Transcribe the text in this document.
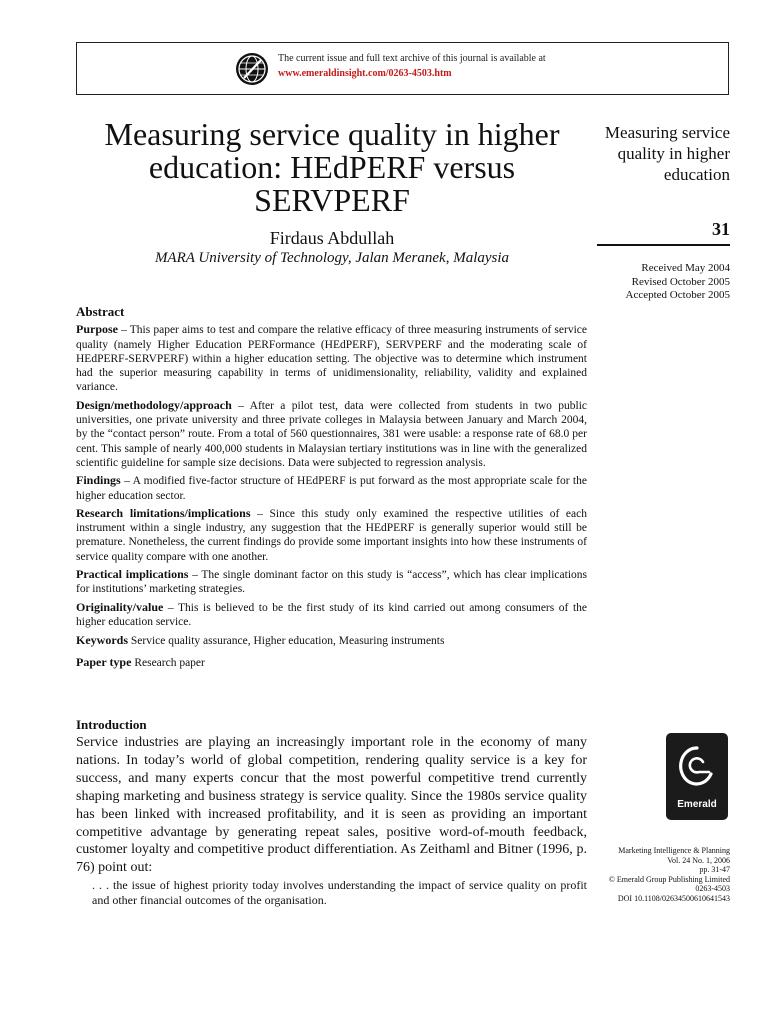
The current issue and full text archive of this journal is available at
www.emeraldinsight.com/0263-4503.htm
Measuring service quality in higher education: HEdPERF versus SERVPERF
Firdaus Abdullah
MARA University of Technology, Jalan Meranek, Malaysia
Measuring service quality in higher education
31
Received May 2004
Revised October 2005
Accepted October 2005
Abstract

Purpose – This paper aims to test and compare the relative efficacy of three measuring instruments of service quality (namely Higher Education PERFormance (HEdPERF), SERVPERF and the moderating scale of HEdPERF-SERVPERF) within a higher education setting. The objective was to determine which instrument had the superior measuring capability in terms of unidimensionality, reliability, validity and explained variance.

Design/methodology/approach – After a pilot test, data were collected from students in two public universities, one private university and three private colleges in Malaysia between January and March 2004, by the “contact person” route. From a total of 560 questionnaires, 381 were usable: a response rate of 68.0 per cent. This sample of nearly 400,000 students in Malaysian tertiary institutions was in line with the generalized scientific guideline for sample size decisions. Data were subjected to regression analysis.

Findings – A modified five-factor structure of HEdPERF is put forward as the most appropriate scale for the higher education sector.

Research limitations/implications – Since this study only examined the respective utilities of each instrument within a single industry, any suggestion that the HEdPERF is generally superior would still be premature. Nonetheless, the current findings do provide some important insights into how these instruments of service quality compare with one another.

Practical implications – The single dominant factor on this study is “access”, which has clear implications for institutions’ marketing strategies.

Originality/value – This is believed to be the first study of its kind carried out among consumers of the higher education service.

Keywords Service quality assurance, Higher education, Measuring instruments

Paper type Research paper

Introduction

Service industries are playing an increasingly important role in the economy of many nations. In today’s world of global competition, rendering quality service is a key for success, and many experts concur that the most powerful competitive trend currently shaping marketing and business strategy is service quality. Since the 1980s service quality has been linked with increased profitability, and it is seen as providing an important competitive advantage by generating repeat sales, positive word-of-mouth feedback, customer loyalty and competitive product differentiation. As Zeithaml and Bitner (1996, p. 76) point out:

. . . the issue of highest priority today involves understanding the impact of service quality on profit and other financial outcomes of the organisation.

Emerald
Marketing Intelligence & Planning
Vol. 24 No. 1, 2006
pp. 31-47
© Emerald Group Publishing Limited
0263-4503
DOI 10.1108/02634500610641543
